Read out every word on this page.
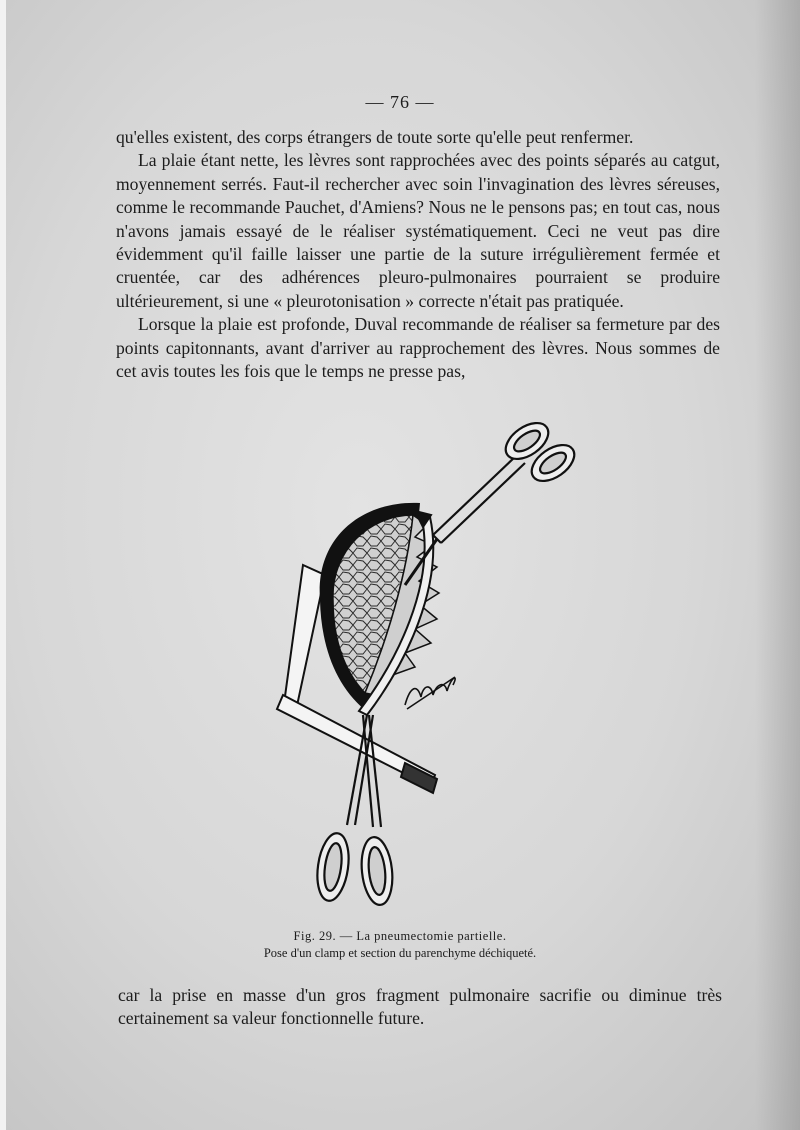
— 76 —

qu'elles existent, des corps étrangers de toute sorte qu'elle peut renfermer.

La plaie étant nette, les lèvres sont rapprochées avec des points séparés au catgut, moyennement serrés. Faut-il rechercher avec soin l'invagination des lèvres séreuses, comme le recommande Pauchet, d'Amiens? Nous ne le pensons pas; en tout cas, nous n'avons jamais essayé de le réaliser systématiquement. Ceci ne veut pas dire évidemment qu'il faille laisser une partie de la suture irrégulièrement fermée et cruentée, car des adhérences pleuro-pulmonaires pourraient se produire ultérieurement, si une « pleurotonisation » correcte n'était pas pratiquée.

Lorsque la plaie est profonde, Duval recommande de réaliser sa fermeture par des points capitonnants, avant d'arriver au rapprochement des lèvres. Nous sommes de cet avis toutes les fois que le temps ne presse pas,

Fig. 29. — La pneumectomie partielle.
Pose d'un clamp et section du parenchyme déchiqueté.

car la prise en masse d'un gros fragment pulmonaire sacrifie ou diminue très certainement sa valeur fonctionnelle future.
